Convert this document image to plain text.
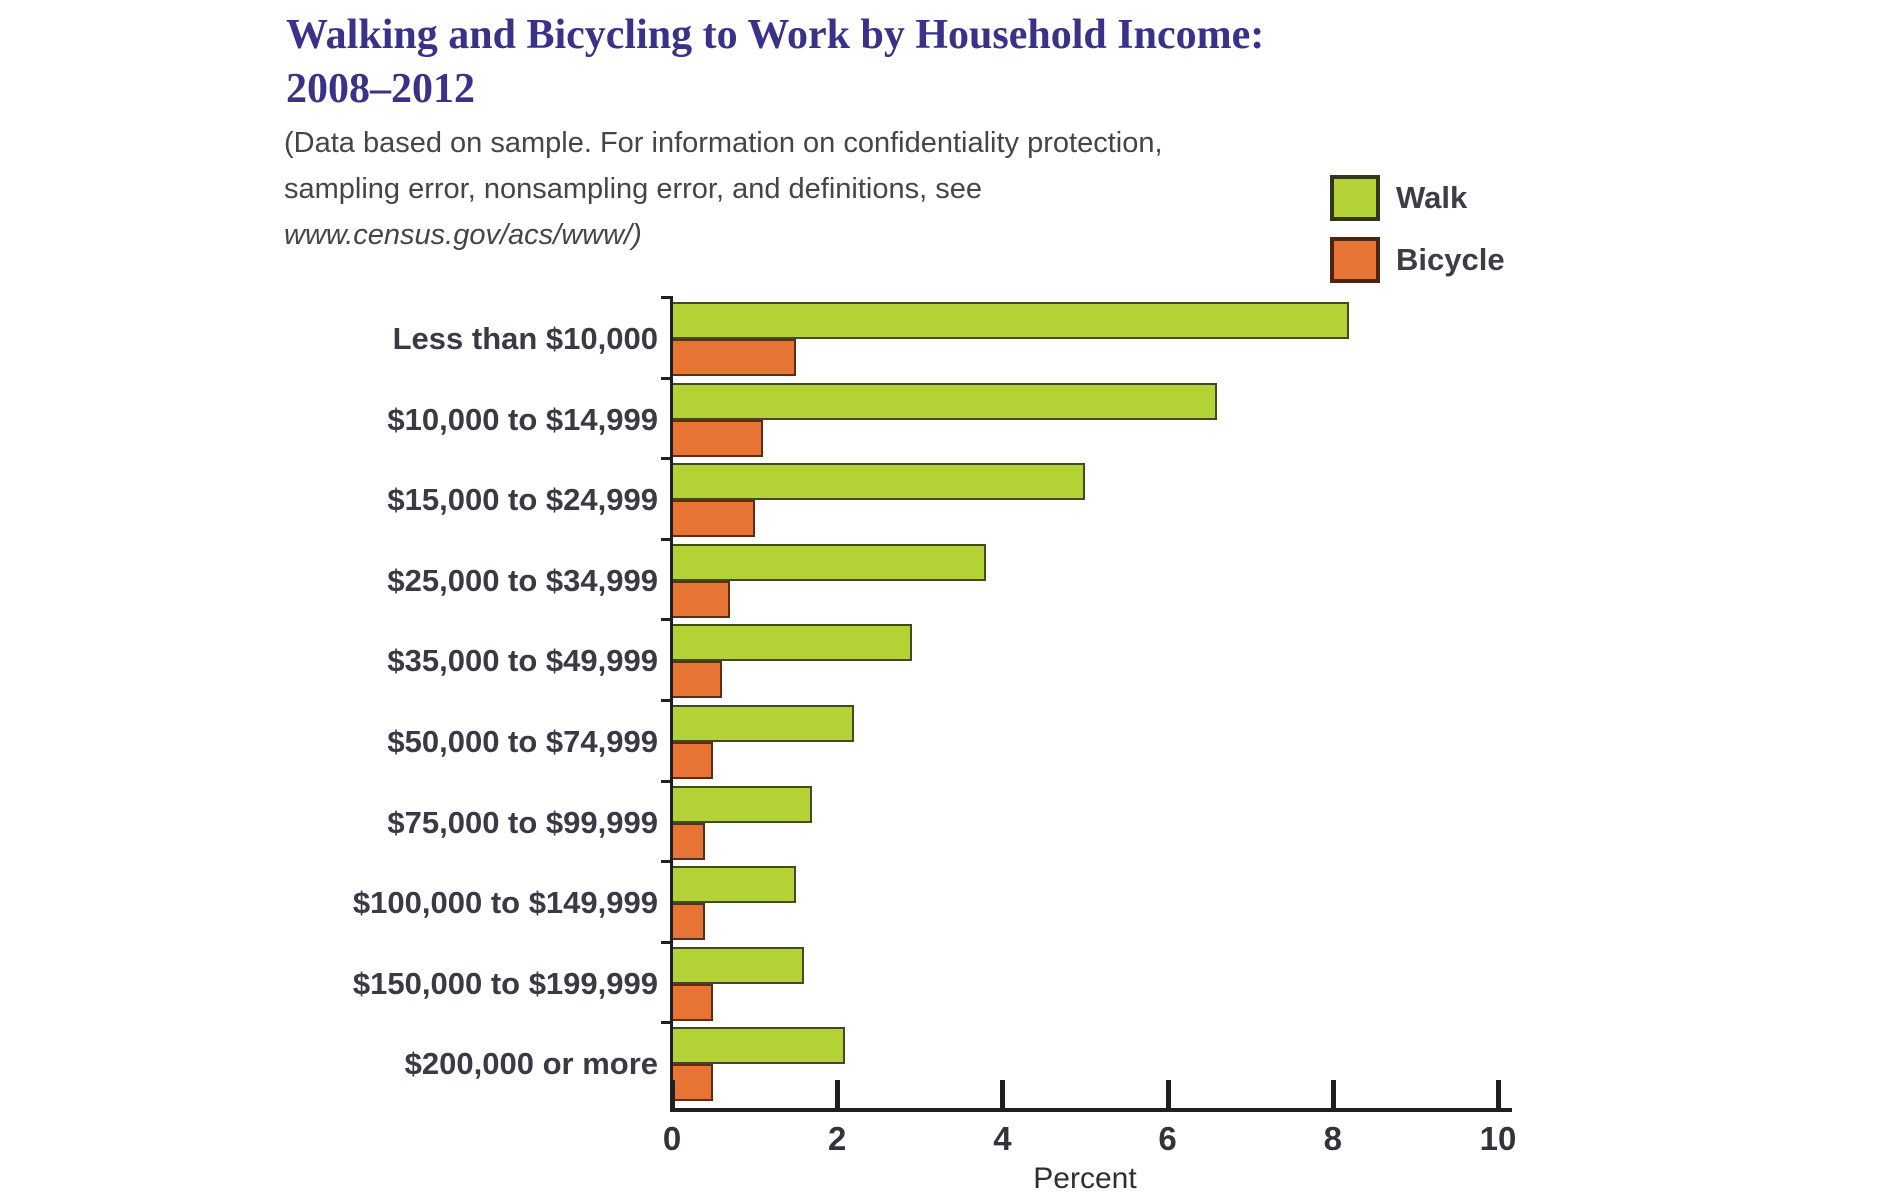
Walking and Bicycling to Work by Household Income:
2008–2012
(Data based on sample. For information on confidentiality protection,
sampling error, nonsampling error, and definitions, see
www.census.gov/acs/www/)
Walk
Bicycle
Less than $10,000
$10,000 to $14,999
$15,000 to $24,999
$25,000 to $34,999
$35,000 to $49,999
$50,000 to $74,999
$75,000 to $99,999
$100,000 to $149,999
$150,000 to $199,999
$200,000 or more
0	2	4	6	8	10
Percent
